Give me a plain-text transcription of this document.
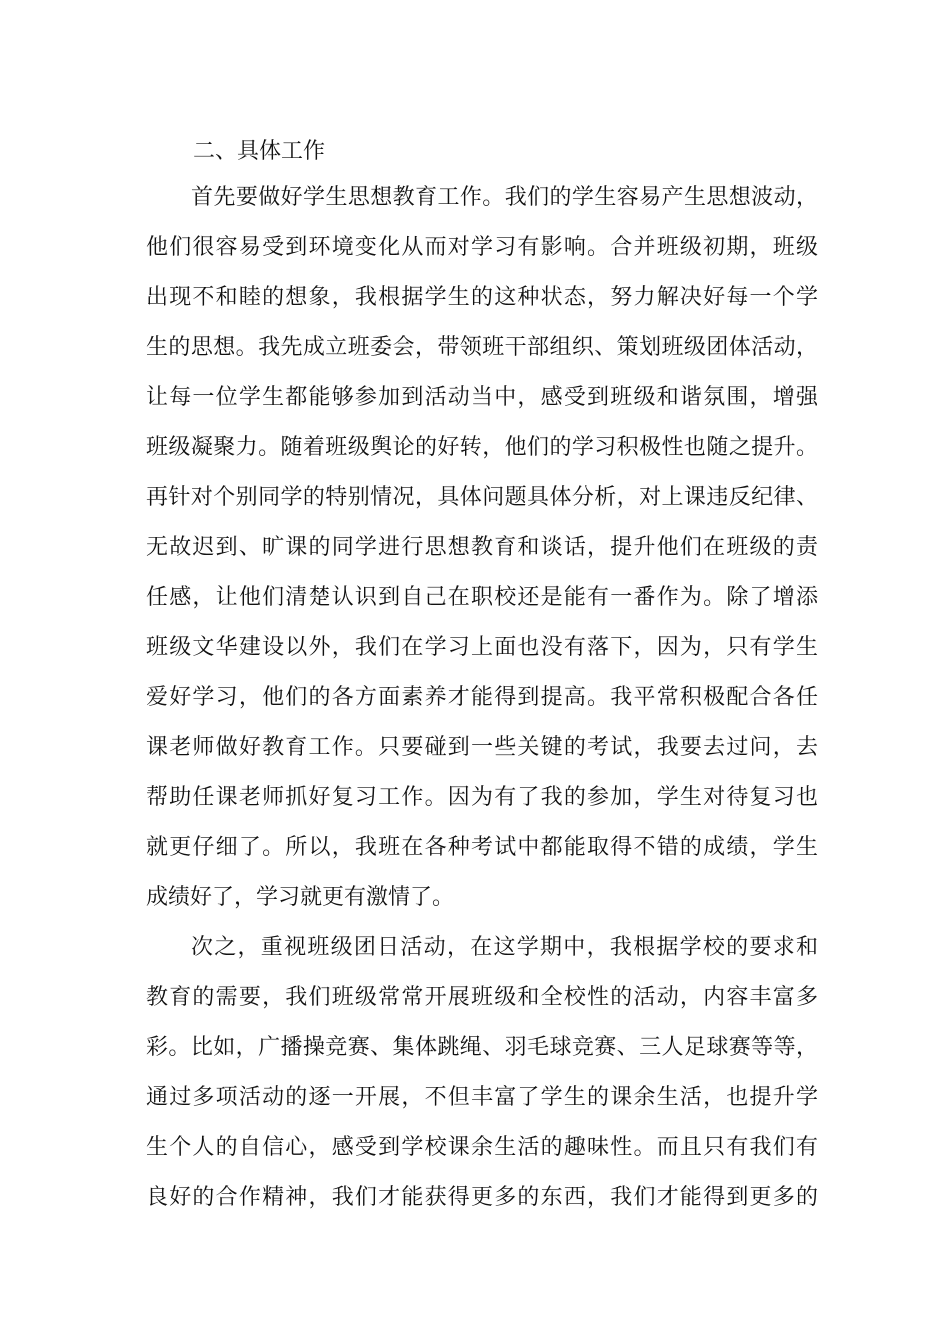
二、具体工作
首先要做好学生思想教育工作。我们的学生容易产生思想波动，
他们很容易受到环境变化从而对学习有影响。合并班级初期，班级
出现不和睦的想象，我根据学生的这种状态，努力解决好每一个学
生的思想。我先成立班委会，带领班干部组织、策划班级团体活动，
让每一位学生都能够参加到活动当中，感受到班级和谐氛围，增强
班级凝聚力。随着班级舆论的好转，他们的学习积极性也随之提升。
再针对个别同学的特别情况，具体问题具体分析，对上课违反纪律、
无故迟到、旷课的同学进行思想教育和谈话，提升他们在班级的责
任感，让他们清楚认识到自己在职校还是能有一番作为。除了增添
班级文华建设以外，我们在学习上面也没有落下，因为，只有学生
爱好学习，他们的各方面素养才能得到提高。我平常积极配合各任
课老师做好教育工作。只要碰到一些关键的考试，我要去过问，去
帮助任课老师抓好复习工作。因为有了我的参加，学生对待复习也
就更仔细了。所以，我班在各种考试中都能取得不错的成绩，学生
成绩好了，学习就更有激情了。
次之，重视班级团日活动，在这学期中，我根据学校的要求和
教育的需要，我们班级常常开展班级和全校性的活动，内容丰富多
彩。比如，广播操竞赛、集体跳绳、羽毛球竞赛、三人足球赛等等，
通过多项活动的逐一开展，不但丰富了学生的课余生活，也提升学
生个人的自信心，感受到学校课余生活的趣味性。而且只有我们有
良好的合作精神，我们才能获得更多的东西，我们才能得到更多的
